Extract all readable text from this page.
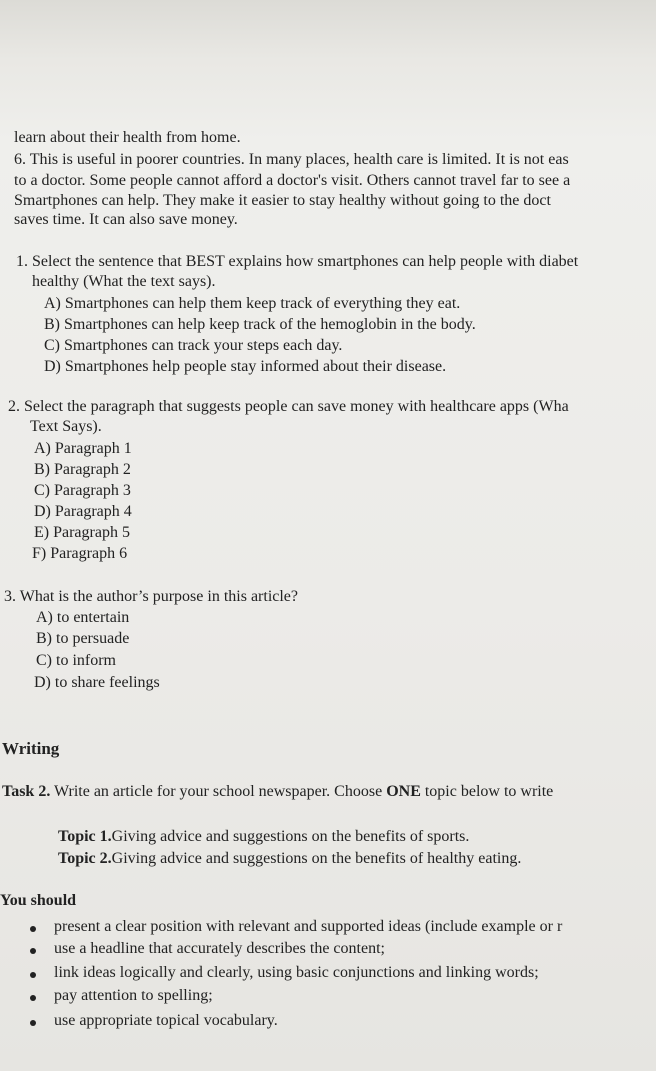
learn about their health from home.
6. This is useful in poorer countries. In many places, health care is limited. It is not eas
to a doctor. Some people cannot afford a doctor's visit. Others cannot travel far to see a
Smartphones can help. They make it easier to stay healthy without going to the doct
saves time. It can also save money.
1. Select the sentence that BEST explains how smartphones can help people with diabet
healthy (What the text says).
A) Smartphones can help them keep track of everything they eat.
B) Smartphones can help keep track of the hemoglobin in the body.
C) Smartphones can track your steps each day.
D) Smartphones help people stay informed about their disease.
2. Select the paragraph that suggests people can save money with healthcare apps (Wha
Text Says).
A) Paragraph 1
B) Paragraph 2
C) Paragraph 3
D) Paragraph 4
E) Paragraph 5
F) Paragraph 6
3. What is the author’s purpose in this article?
A) to entertain
B) to persuade
C) to inform
D) to share feelings
Writing
Task 2. Write an article for your school newspaper. Choose ONE topic below to write
Topic 1.Giving advice and suggestions on the benefits of sports.
Topic 2.Giving advice and suggestions on the benefits of healthy eating.
You should
present a clear position with relevant and supported ideas (include example or r
use a headline that accurately describes the content;
link ideas logically and clearly, using basic conjunctions and linking words;
pay attention to spelling;
use appropriate topical vocabulary.
